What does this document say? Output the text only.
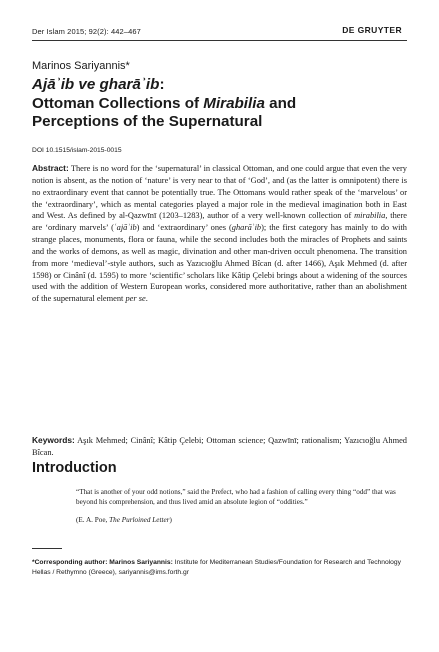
Der Islam 2015; 92(2): 442–467	DE GRUYTER
Marinos Sariyannis*
Ajāʾib ve gharāʾib:
Ottoman Collections of Mirabilia and
Perceptions of the Supernatural
DOI 10.1515/islam-2015-0015
Abstract: There is no word for the ‘supernatural’ in classical Ottoman, and one could argue that even the very notion is absent, as the notion of ‘nature’ is very near to that of ‘God’, and (as the latter is omnipotent) there is no extraordinary event that cannot be potentially true. The Ottomans would rather speak of the ‘marvelous’ or the ‘extraordinary’, which as mental categories played a major role in the medieval imagination both in East and West. As defined by al-Qazwīnī (1203–1283), author of a very well-known collection of mirabilia, there are ‘ordinary marvels’ (ʿajāʾib) and ‘extraordinary’ ones (gharāʾib); the first category has mainly to do with strange places, monuments, flora or fauna, while the second includes both the miracles of Prophets and saints and the works of demons, as well as magic, divination and other man-driven occult phenomena. The transition from more ‘medieval’-style authors, such as Yazıcıoğlu Ahmed Bîcan (d. after 1466), Aşık Mehmed (d. after 1598) or Cinânî (d. 1595) to more ‘scientific’ scholars like Kâtip Çelebi brings about a widening of the sources used with the addition of Western European works, considered more authoritative, rather than an abolishment of the supernatural element per se.
Keywords: Aşık Mehmed; Cinânî; Kâtip Çelebi; Ottoman science; Qazwīnī; rationalism; Yazıcıoğlu Ahmed Bîcan.
Introduction
“That is another of your odd notions,” said the Prefect, who had a fashion of calling every thing “odd” that was beyond his comprehension, and thus lived amid an absolute legion of “oddities.”
(E. A. Poe, The Purloined Letter)
*Corresponding author: Marinos Sariyannis: Institute for Mediterranean Studies/Foundation for Research and Technology Hellas / Rethymno (Greece), sariyannis@ims.forth.gr
